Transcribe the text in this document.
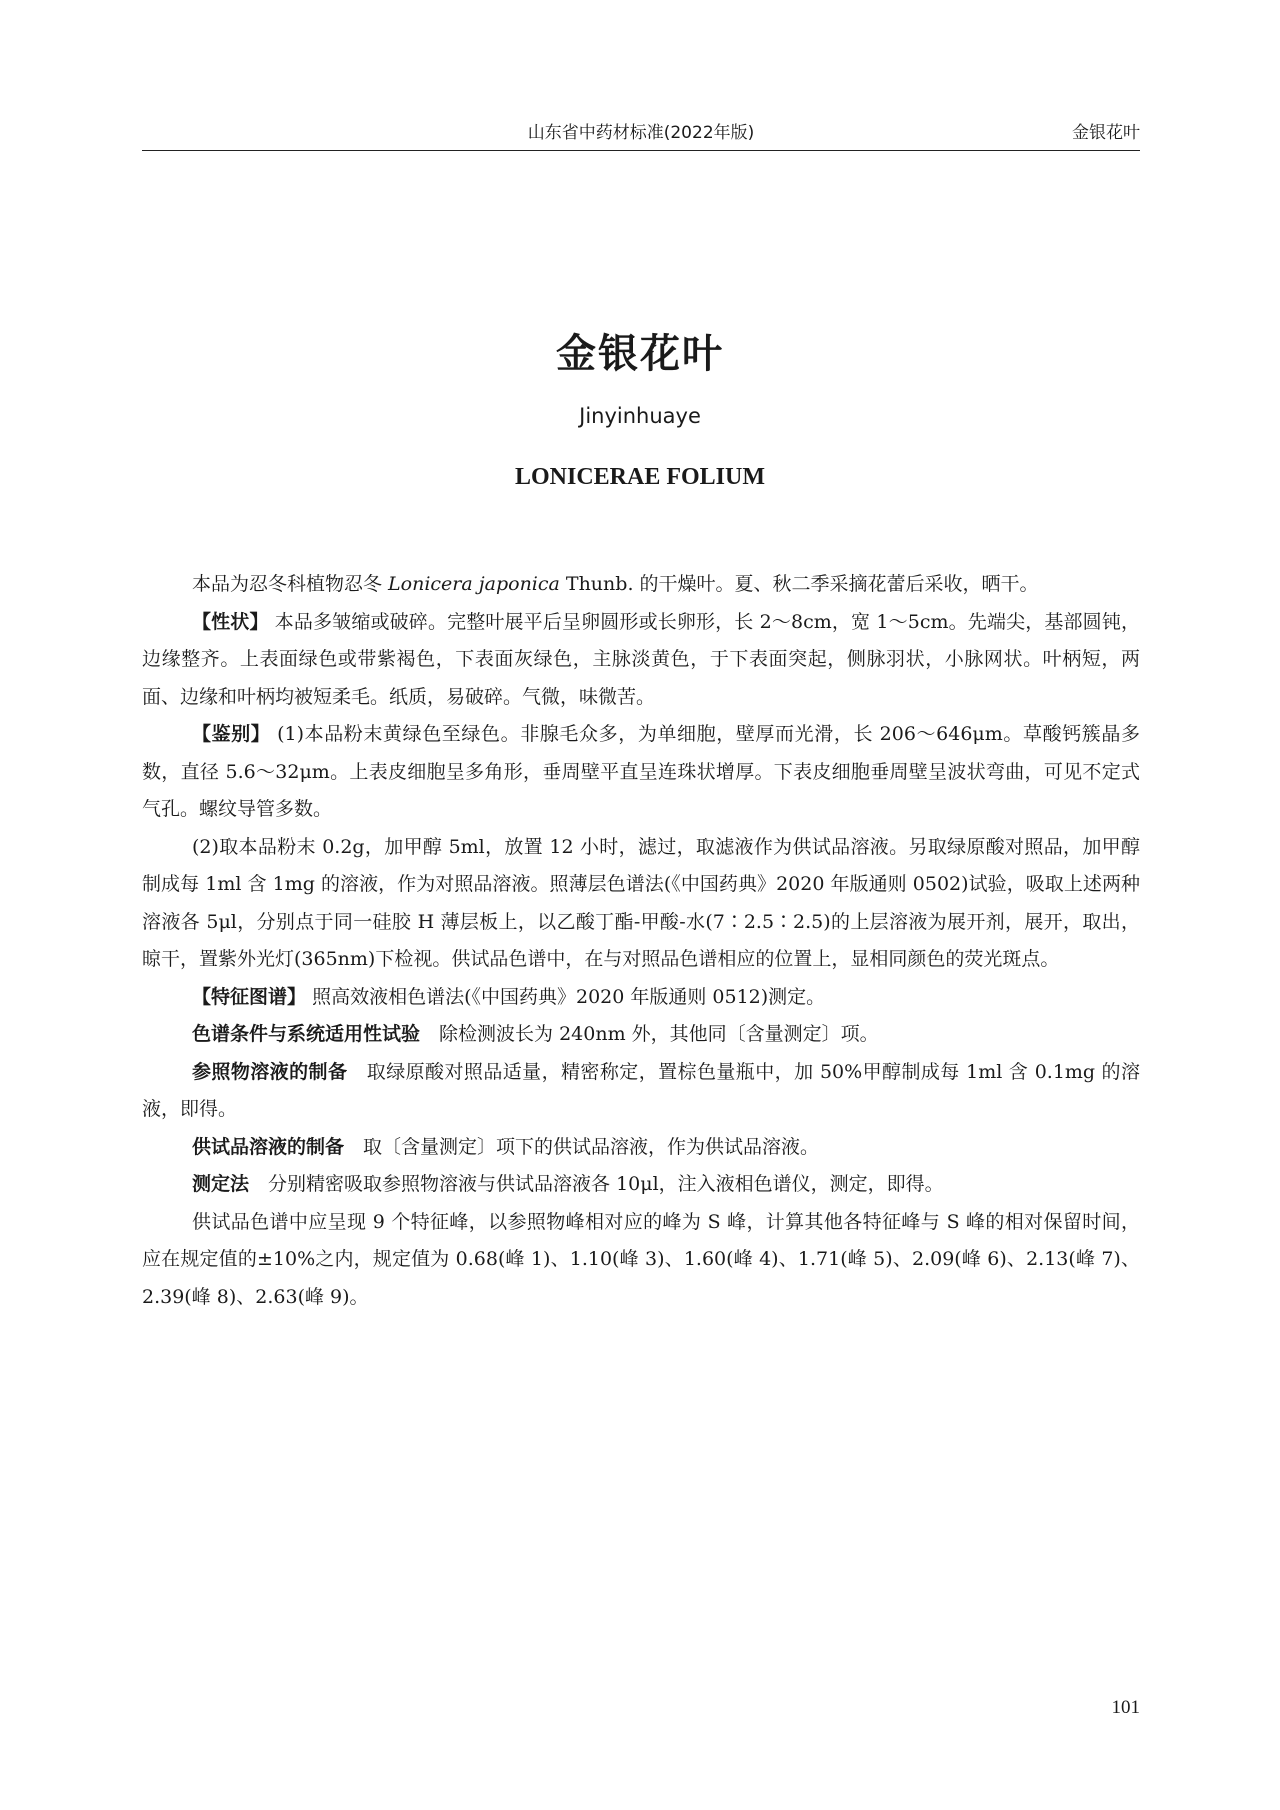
山东省中药材标准(2022年版)	金银花叶
金银花叶
Jinyinhuaye
LONICERAE FOLIUM

本品为忍冬科植物忍冬 Lonicera japonica Thunb. 的干燥叶。夏、秋二季采摘花蕾后采收，晒干。

【性状】 本品多皱缩或破碎。完整叶展平后呈卵圆形或长卵形，长 2～8cm，宽 1～5cm。先端尖，基部圆钝，边缘整齐。上表面绿色或带紫褐色，下表面灰绿色，主脉淡黄色，于下表面突起，侧脉羽状，小脉网状。叶柄短，两面、边缘和叶柄均被短柔毛。纸质，易破碎。气微，味微苦。

【鉴别】 (1)本品粉末黄绿色至绿色。非腺毛众多，为单细胞，壁厚而光滑，长 206～646μm。草酸钙簇晶多数，直径 5.6～32μm。上表皮细胞呈多角形，垂周壁平直呈连珠状增厚。下表皮细胞垂周壁呈波状弯曲，可见不定式气孔。螺纹导管多数。

(2)取本品粉末 0.2g，加甲醇 5ml，放置 12 小时，滤过，取滤液作为供试品溶液。另取绿原酸对照品，加甲醇制成每 1ml 含 1mg 的溶液，作为对照品溶液。照薄层色谱法(《中国药典》2020 年版通则 0502)试验，吸取上述两种溶液各 5μl，分别点于同一硅胶 H 薄层板上，以乙酸丁酯-甲酸-水(7∶2.5∶2.5)的上层溶液为展开剂，展开，取出，晾干，置紫外光灯(365nm)下检视。供试品色谱中，在与对照品色谱相应的位置上，显相同颜色的荧光斑点。

【特征图谱】 照高效液相色谱法(《中国药典》2020 年版通则 0512)测定。

色谱条件与系统适用性试验　 除检测波长为 240nm 外，其他同〔含量测定〕项。

参照物溶液的制备　 取绿原酸对照品适量，精密称定，置棕色量瓶中，加 50%甲醇制成每 1ml 含 0.1mg 的溶液，即得。

供试品溶液的制备　 取〔含量测定〕项下的供试品溶液，作为供试品溶液。

测定法　 分别精密吸取参照物溶液与供试品溶液各 10μl，注入液相色谱仪，测定，即得。

供试品色谱中应呈现 9 个特征峰，以参照物峰相对应的峰为 S 峰，计算其他各特征峰与 S 峰的相对保留时间，应在规定值的±10%之内，规定值为 0.68(峰 1)、1.10(峰 3)、1.60(峰 4)、1.71(峰 5)、2.09(峰 6)、2.13(峰 7)、2.39(峰 8)、2.63(峰 9)。

101
